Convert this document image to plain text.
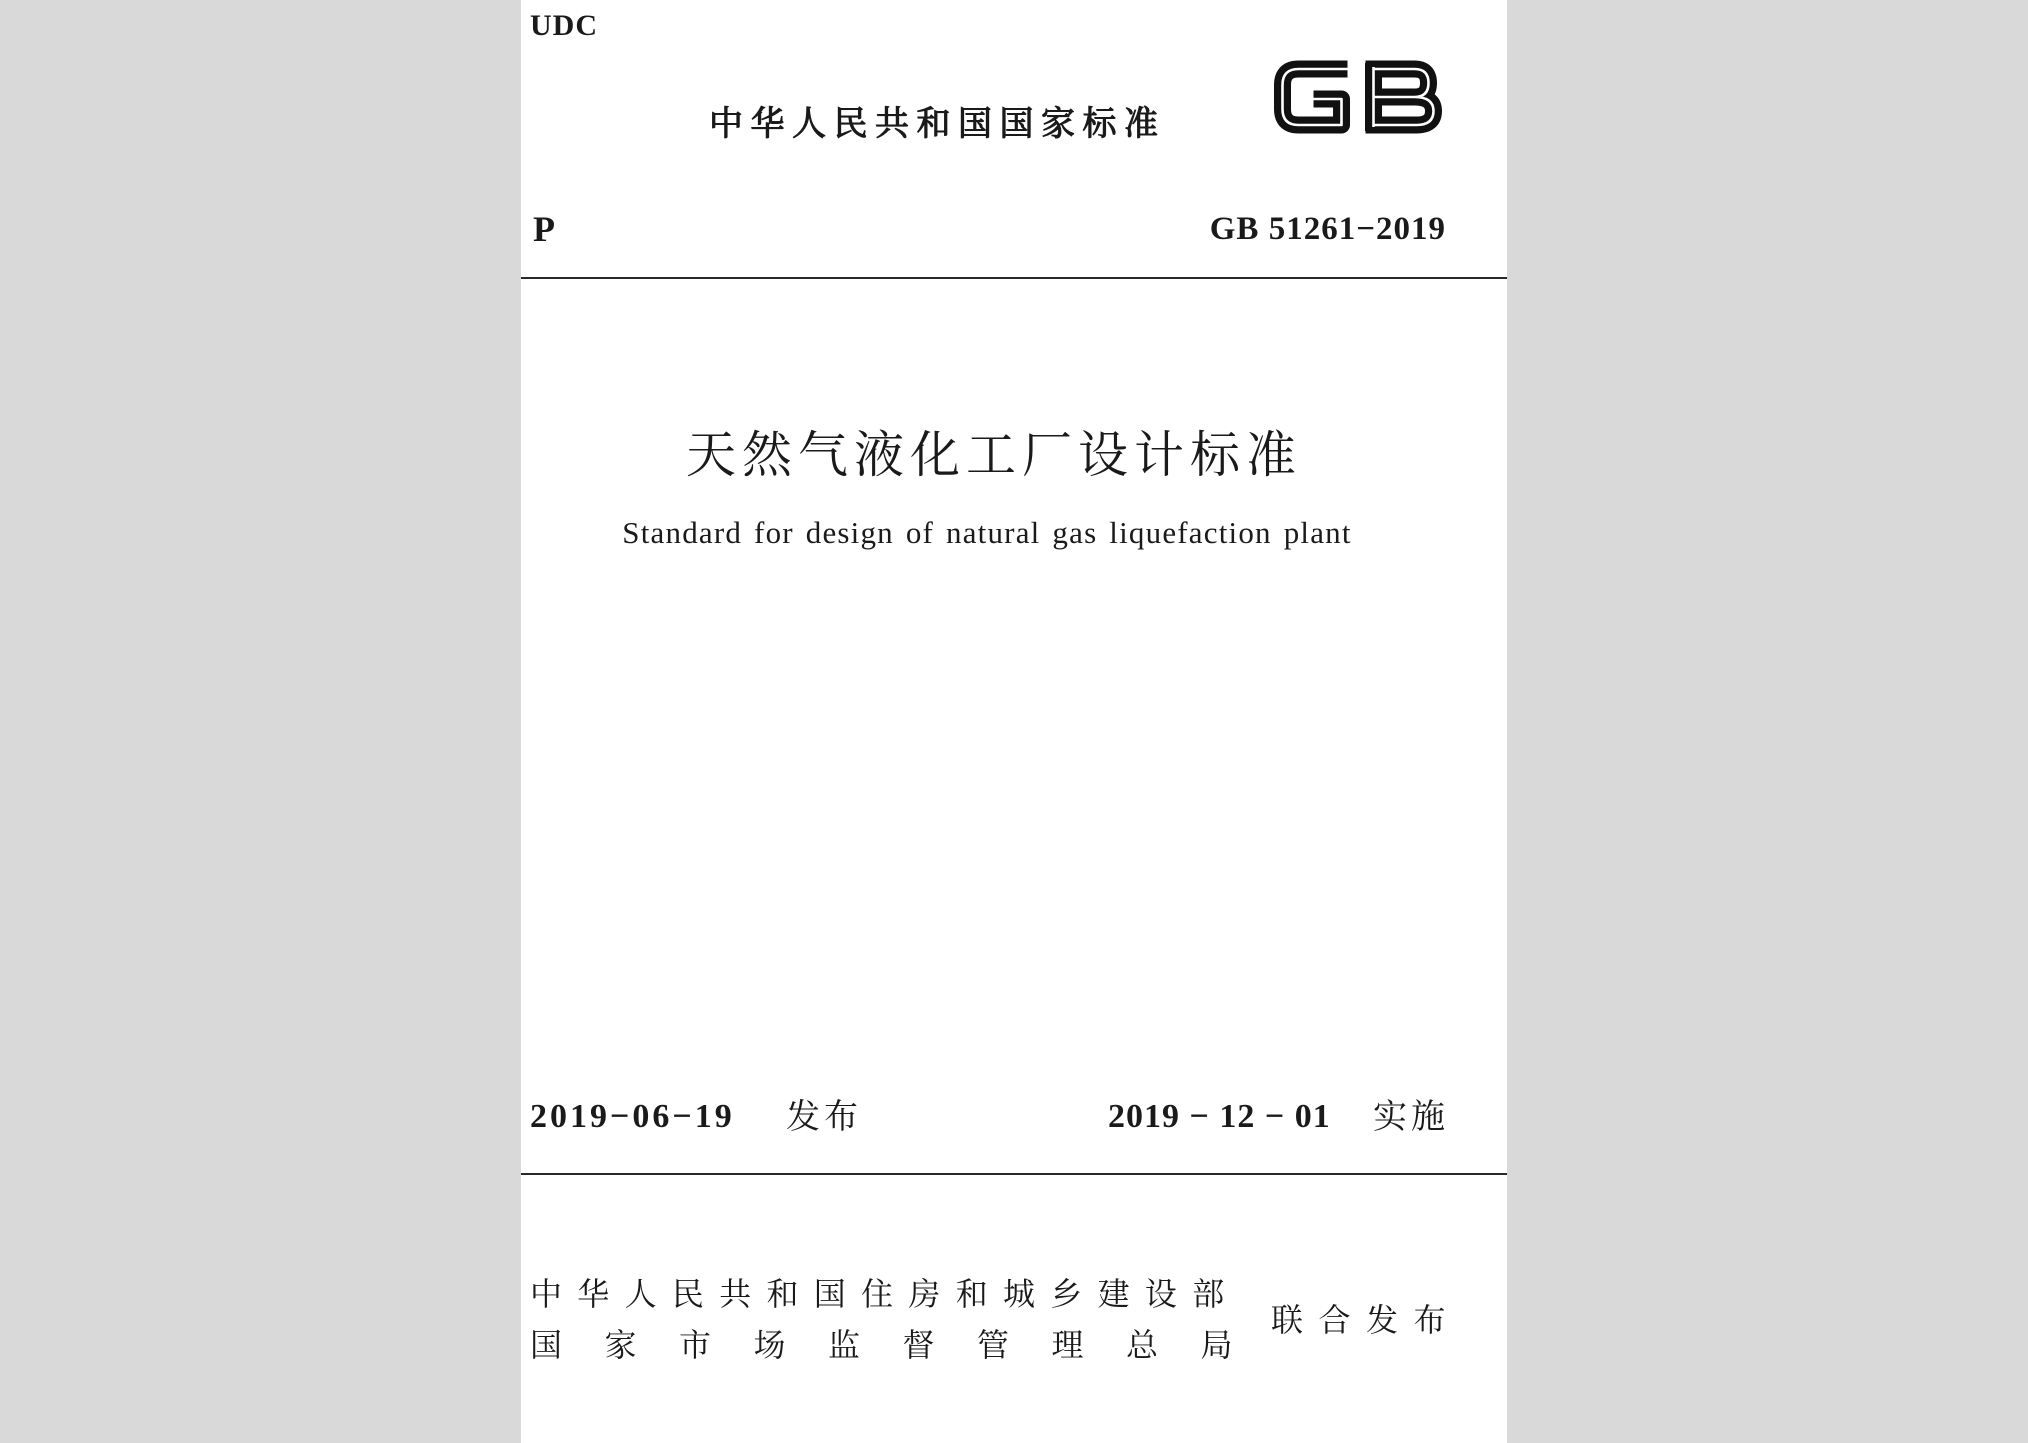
UDC
中华人民共和国国家标准
P	GB 51261−2019
天然气液化工厂设计标准
Standard for design of natural gas liquefaction plant
2019−06−19 发布	2019 − 12 − 01 实施
中华人民共和国住房和城乡建设部
国家市场监督管理总局
联合发布
